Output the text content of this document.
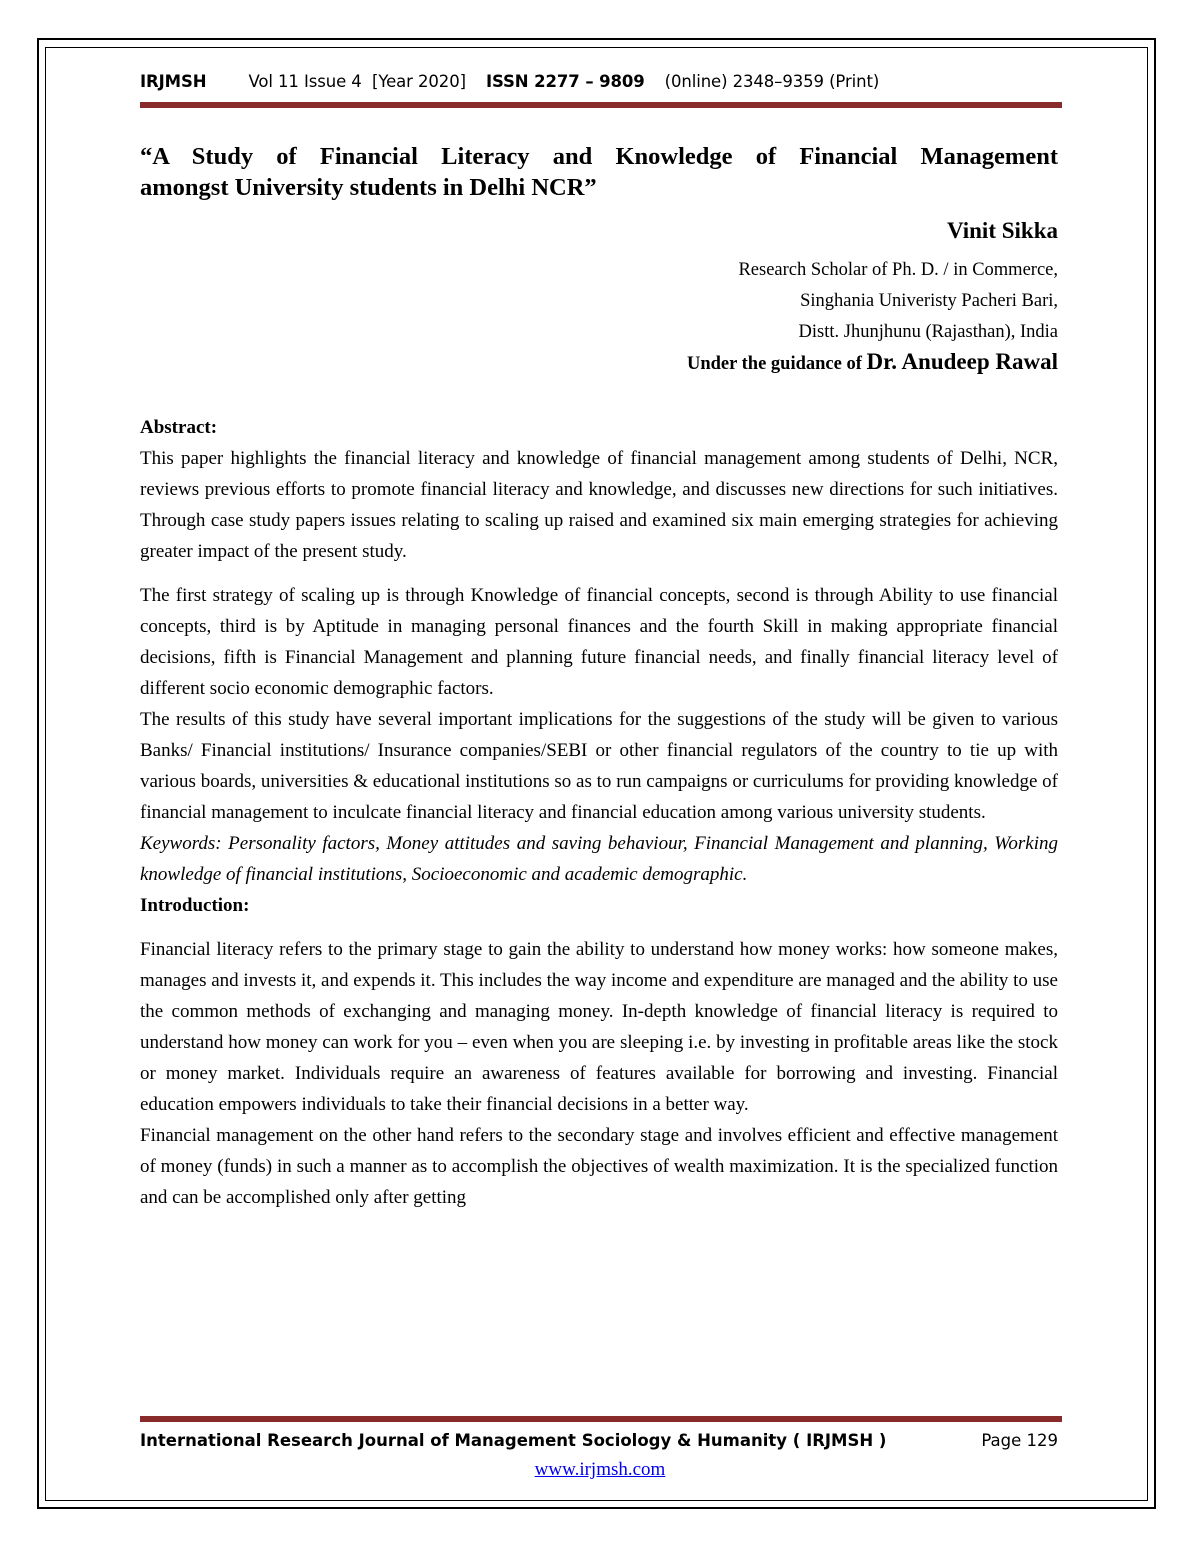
IRJMSH	Vol 11 Issue 4 [Year 2020] ISSN 2277 – 9809 (0nline) 2348–9359 (Print)
“A Study of Financial Literacy and Knowledge of Financial Management
amongst University students in Delhi NCR”
Vinit Sikka
Research Scholar of Ph. D. / in Commerce,
Singhania Univeristy Pacheri Bari,
Distt. Jhunjhunu (Rajasthan), India
Under the guidance of Dr. Anudeep Rawal

Abstract:

This paper highlights the financial literacy and knowledge of financial management among students of Delhi, NCR, reviews previous efforts to promote financial literacy and knowledge, and discusses new directions for such initiatives. Through case study papers issues relating to scaling up raised and examined six main emerging strategies for achieving greater impact of the present study.

The first strategy of scaling up is through Knowledge of financial concepts, second is through Ability to use financial concepts, third is by Aptitude in managing personal finances and the fourth Skill in making appropriate financial decisions, fifth is Financial Management and planning future financial needs, and finally financial literacy level of different socio economic demographic factors.

The results of this study have several important implications for the suggestions of the study will be given to various Banks/ Financial institutions/ Insurance companies/SEBI or other financial regulators of the country to tie up with various boards, universities & educational institutions so as to run campaigns or curriculums for providing knowledge of financial management to inculcate financial literacy and financial education among various university students.

Keywords: Personality factors, Money attitudes and saving behaviour, Financial Management and planning, Working knowledge of financial institutions, Socioeconomic and academic demographic.

Introduction:

Financial literacy refers to the primary stage to gain the ability to understand how money works: how someone makes, manages and invests it, and expends it. This includes the way income and expenditure are managed and the ability to use the common methods of exchanging and managing money. In-depth knowledge of financial literacy is required to understand how money can work for you – even when you are sleeping i.e. by investing in profitable areas like the stock or money market. Individuals require an awareness of features available for borrowing and investing. Financial education empowers individuals to take their financial decisions in a better way.

Financial management on the other hand refers to the secondary stage and involves efficient and effective management of money (funds) in such a manner as to accomplish the objectives of wealth maximization. It is the specialized function and can be accomplished only after getting

International Research Journal of Management Sociology & Humanity ( IRJMSH )	Page 129
www.irjmsh.com
